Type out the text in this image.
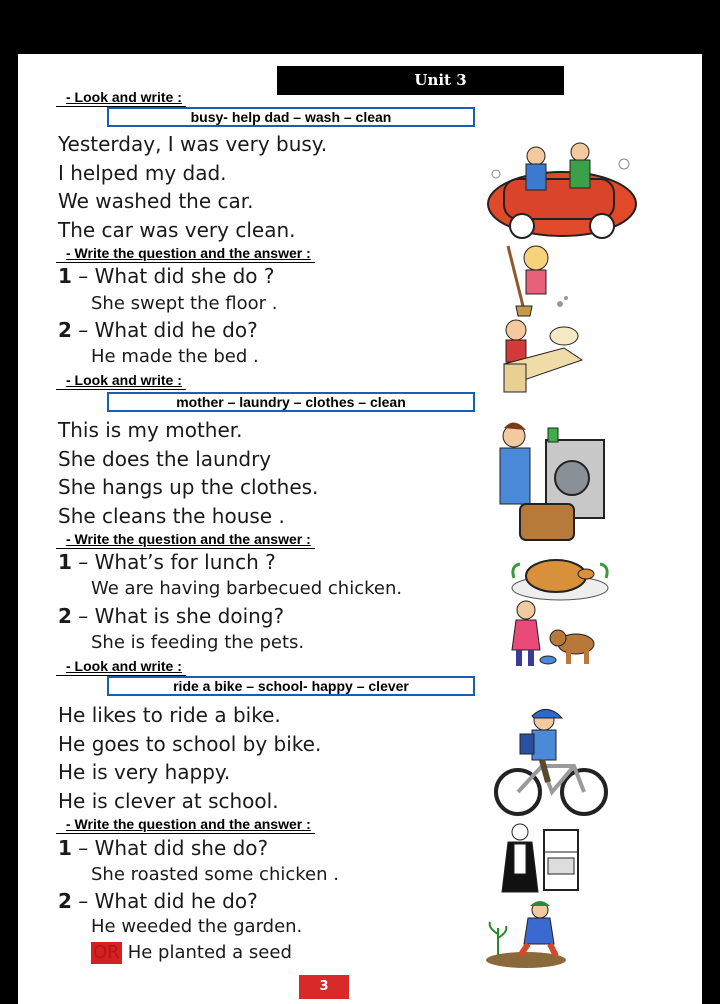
Unit 3
- Look and write :
busy- help dad – wash – clean
Yesterday, I was very busy.
I helped my dad.
We washed the car.
The car was very clean.
- Write the question and the answer :
1 – What did she do ?
She swept the floor .
2 – What did he do?
He made the bed .
- Look and write :
mother – laundry – clothes – clean
This is my mother.
She does the laundry
She hangs up the clothes.
She cleans the house .
- Write the question and the answer :
1 – What’s for lunch ?
We are having barbecued chicken.
2 – What is she doing?
She is feeding the pets.
- Look and write :
ride a bike – school- happy – clever
He likes to ride a bike.
He goes to school by bike.
He is very happy.
He is clever at school.
- Write the question and the answer :
1 – What did she do?
She roasted some chicken .
2 – What did he do?
He weeded the garden.
OR He planted a seed
3
